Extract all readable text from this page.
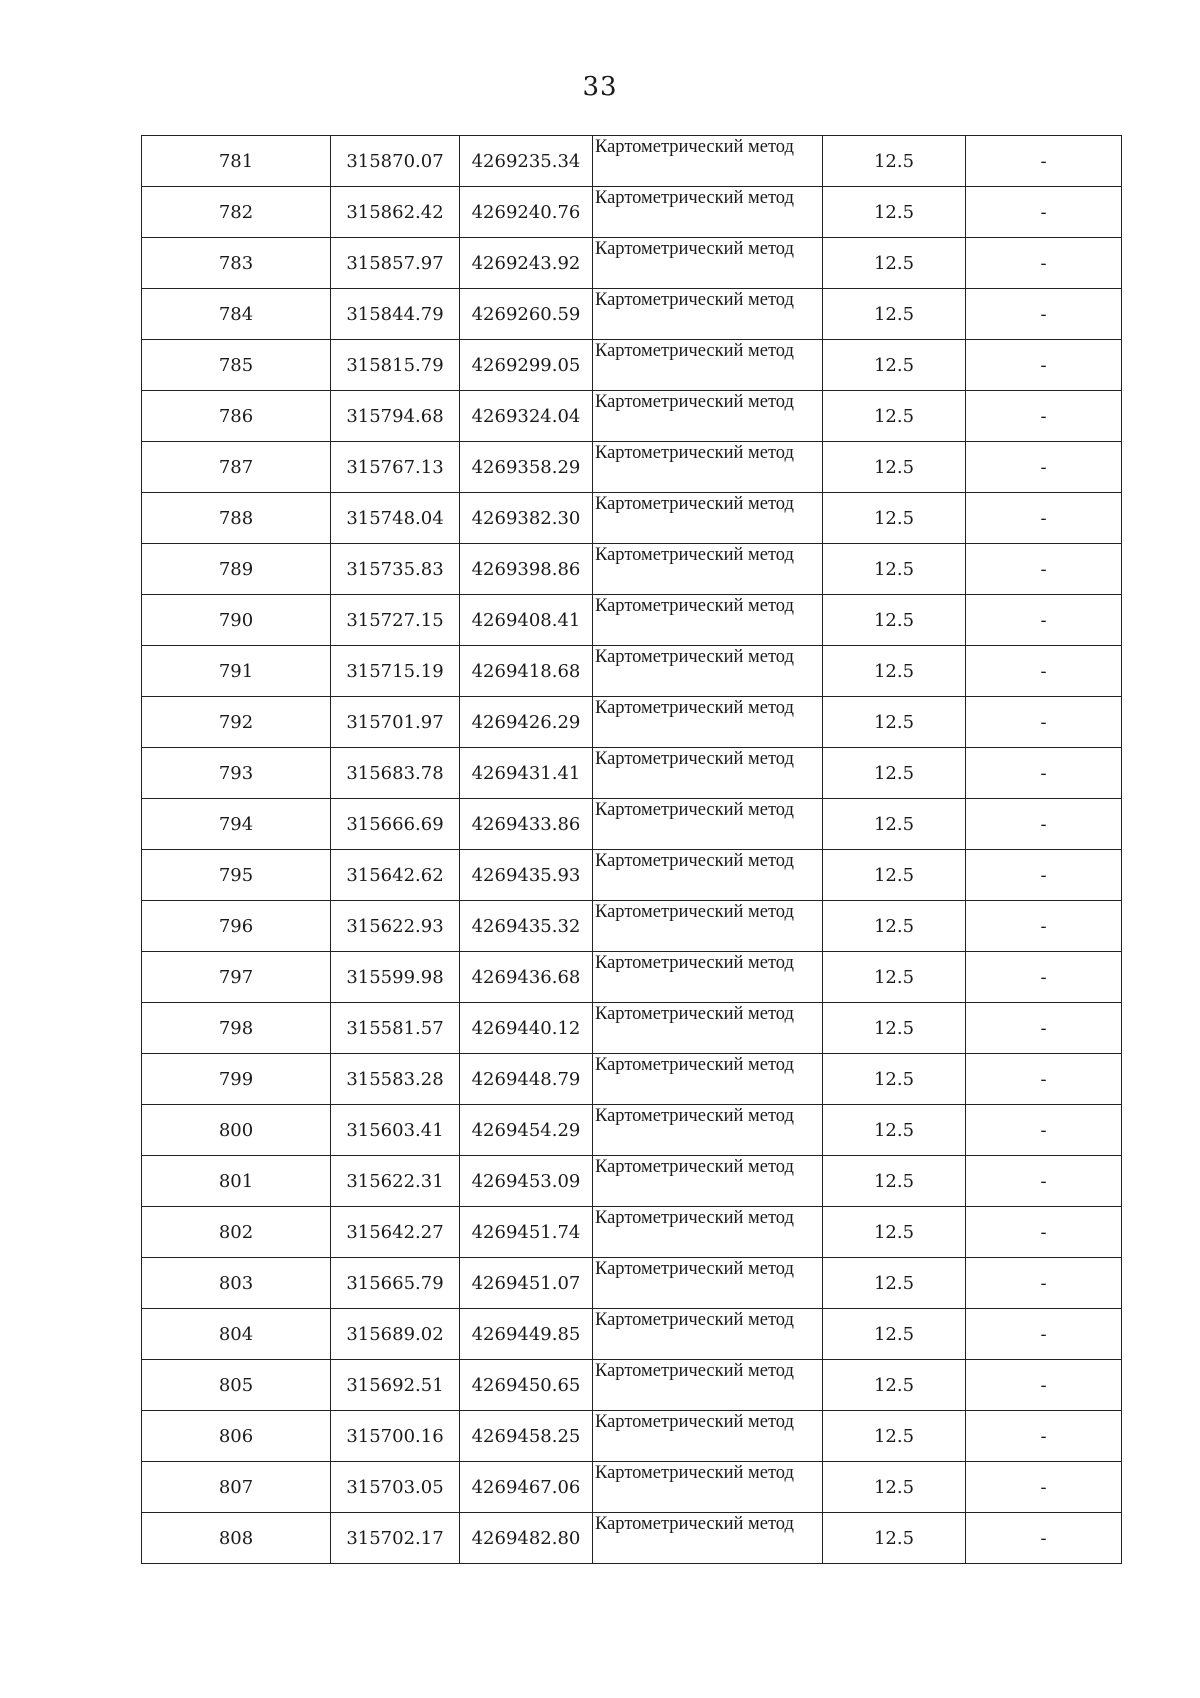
33
781	315870.07	4269235.34	Картометрический метод	12.5	-
782	315862.42	4269240.76	Картометрический метод	12.5	-
783	315857.97	4269243.92	Картометрический метод	12.5	-
784	315844.79	4269260.59	Картометрический метод	12.5	-
785	315815.79	4269299.05	Картометрический метод	12.5	-
786	315794.68	4269324.04	Картометрический метод	12.5	-
787	315767.13	4269358.29	Картометрический метод	12.5	-
788	315748.04	4269382.30	Картометрический метод	12.5	-
789	315735.83	4269398.86	Картометрический метод	12.5	-
790	315727.15	4269408.41	Картометрический метод	12.5	-
791	315715.19	4269418.68	Картометрический метод	12.5	-
792	315701.97	4269426.29	Картометрический метод	12.5	-
793	315683.78	4269431.41	Картометрический метод	12.5	-
794	315666.69	4269433.86	Картометрический метод	12.5	-
795	315642.62	4269435.93	Картометрический метод	12.5	-
796	315622.93	4269435.32	Картометрический метод	12.5	-
797	315599.98	4269436.68	Картометрический метод	12.5	-
798	315581.57	4269440.12	Картометрический метод	12.5	-
799	315583.28	4269448.79	Картометрический метод	12.5	-
800	315603.41	4269454.29	Картометрический метод	12.5	-
801	315622.31	4269453.09	Картометрический метод	12.5	-
802	315642.27	4269451.74	Картометрический метод	12.5	-
803	315665.79	4269451.07	Картометрический метод	12.5	-
804	315689.02	4269449.85	Картометрический метод	12.5	-
805	315692.51	4269450.65	Картометрический метод	12.5	-
806	315700.16	4269458.25	Картометрический метод	12.5	-
807	315703.05	4269467.06	Картометрический метод	12.5	-
808	315702.17	4269482.80	Картометрический метод	12.5	-
